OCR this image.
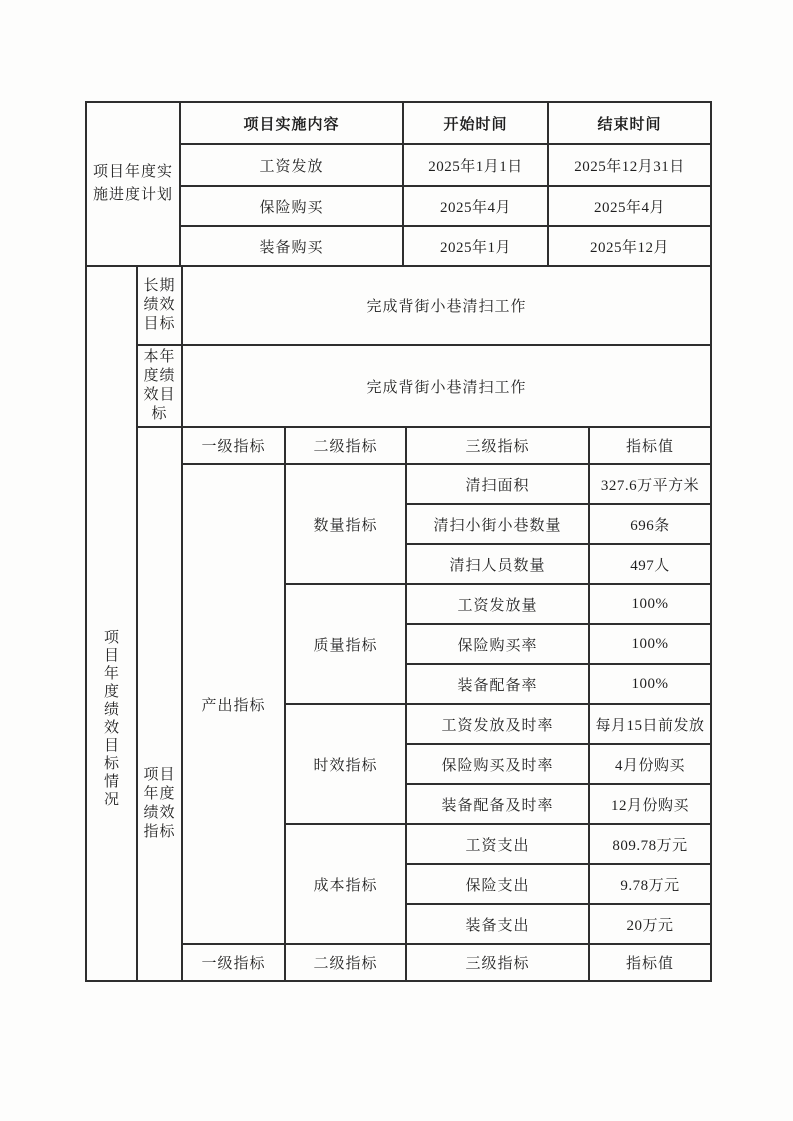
项目年度实施进度计划	项目实施内容	开始时间	结束时间
	工资发放	2025年1月1日	2025年12月31日
	保险购买	2025年4月	2025年4月
	装备购买	2025年1月	2025年12月
项目年度绩效目标情况	长期绩效目标	完成背街小巷清扫工作			

	本年度绩效目标	完成背街小巷清扫工作			

	项目年度绩效指标	一级指标	二级指标	三级指标	指标值
		产出指标	数量指标	清扫面积	327.6万平方米
				清扫小街小巷数量	696条
				清扫人员数量	497人
			质量指标	工资发放量	100%
				保险购买率	100%
				装备配备率	100%
			时效指标	工资发放及时率	每月15日前发放
				保险购买及时率	4月份购买
				装备配备及时率	12月份购买
			成本指标	工资支出	809.78万元
				保险支出	9.78万元
				装备支出	20万元
		一级指标	二级指标	三级指标	指标值
